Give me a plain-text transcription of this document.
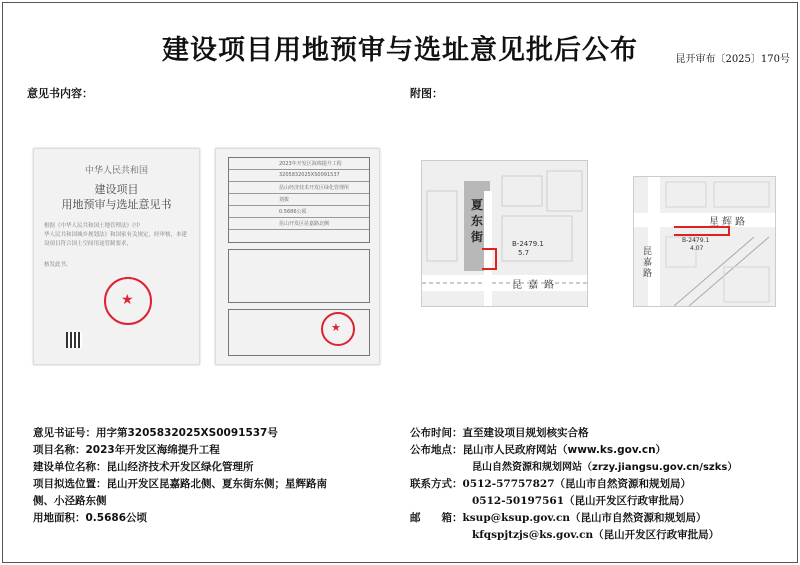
建设项目用地预审与选址意见批后公布	昆开审布〔2025〕170号
意见书内容：	附图：
中华人民共和国
建设项目
用地预审与选址意见书
根据《中华人民共和国土地管理法》《中
华人民共和国城乡规划法》和国家有关规定，经审核，本建设项目符合国土空间用途管制要求，
核发此书。
★
2023年开发区海绵提升工程
3205832025XS0091537
昆山经济技术开发区绿化管理所
划拨
0.5686公顷
昆山开发区昆嘉路北侧
★
夏东街
昆嘉路
B-2479.1
5.7
星辉路
昆嘉路
B-2479.1
4.07
意见书证号：用字第3205832025XS0091537号
项目名称：2023年开发区海绵提升工程
建设单位名称：昆山经济技术开发区绿化管理所
项目拟选位置：昆山开发区昆嘉路北侧、夏东街东侧；星辉路南
侧、小泾路东侧
用地面积：0.5686公顷
公布时间：直至建设项目规划核实合格
公布地点：昆山市人民政府网站（www.ks.gov.cn）
昆山自然资源和规划网站（zrzy.jiangsu.gov.cn/szks）
联系方式：0512-57757827（昆山市自然资源和规划局）
0512-50197561（昆山开发区行政审批局）
邮　　箱：ksup@ksup.gov.cn（昆山市自然资源和规划局）
kfqspjtzjs@ks.gov.cn（昆山开发区行政审批局）
